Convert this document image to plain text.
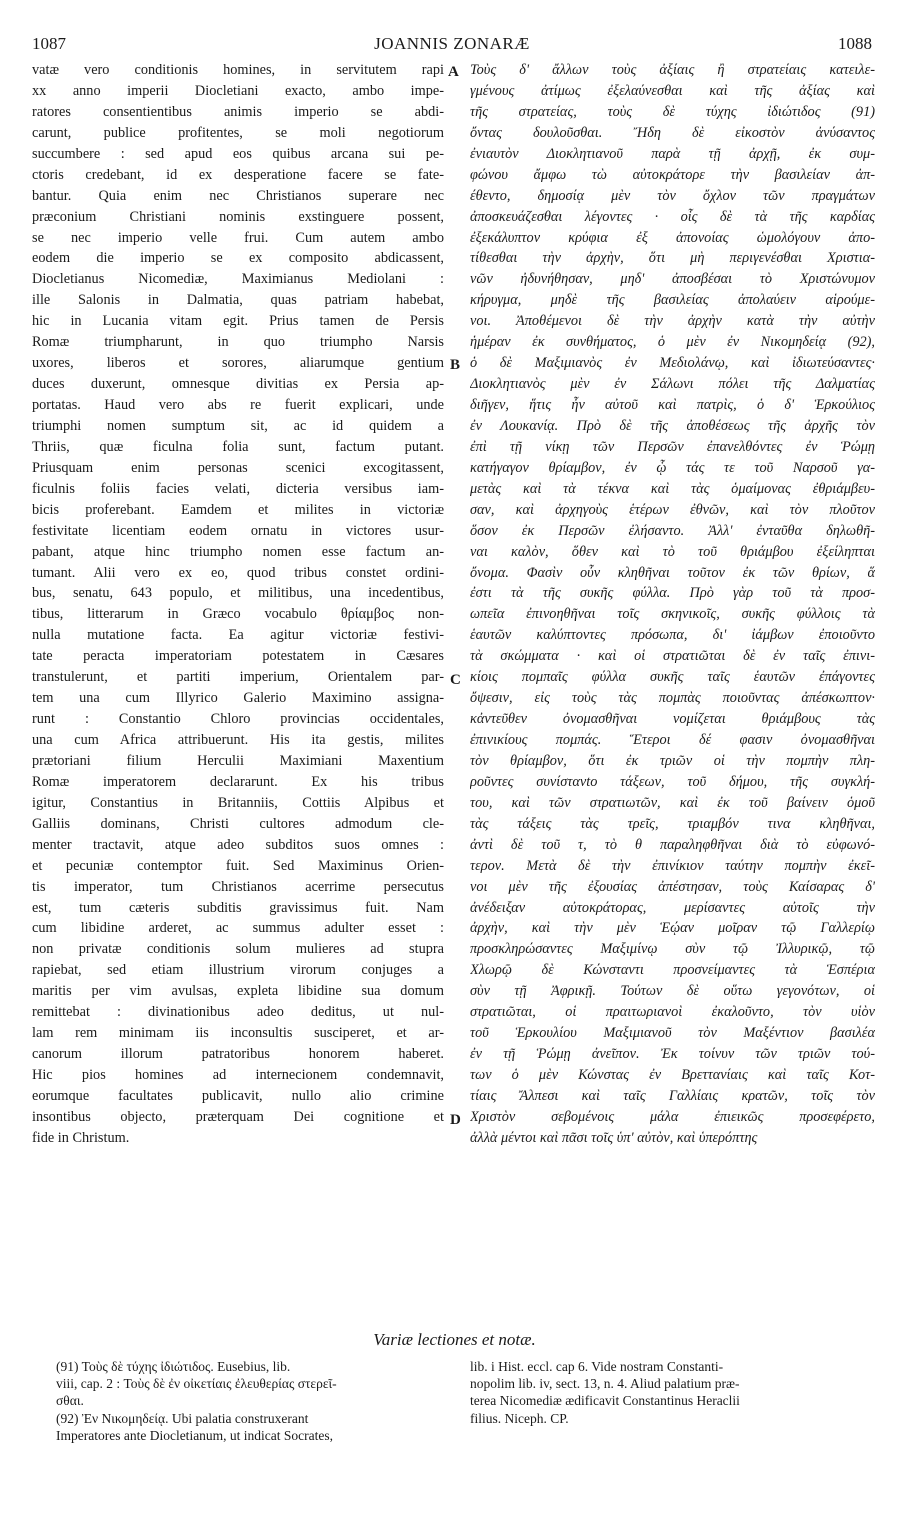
1087	JOANNIS ZONARÆ	1088
vatæ vero conditionis homines, in servitutem rapi
xx anno imperii Diocletiani exacto, ambo impe-
ratores consentientibus animis imperio se abdi-
carunt, publice profitentes, se moli negotiorum
succumbere : sed apud eos quibus arcana sui pe-
ctoris credebant, id ex desperatione facere se fate-
bantur. Quia enim nec Christianos superare nec
præconium Christiani nominis exstinguere possent,
se nec imperio velle frui. Cum autem ambo
eodem die imperio se ex composito abdicassent,
Diocletianus Nicomediæ, Maximianus Mediolani :
ille Salonis in Dalmatia, quas patriam habebat,
hic in Lucania vitam egit. Prius tamen de Persis
Romæ triumpharunt, in quo triumpho Narsis
uxores, liberos et sorores, aliarumque gentium
duces duxerunt, omnesque divitias ex Persia ap-
portatas. Haud vero abs re fuerit explicari, unde
triumphi nomen sumptum sit, ac id quidem a
Thriis, quæ ficulna folia sunt, factum putant.
Priusquam enim personas scenici excogitassent,
ficulnis foliis facies velati, dicteria versibus iam-
bicis proferebant. Eamdem et milites in victoriæ
festivitate licentiam eodem ornatu in victores usur-
pabant, atque hinc triumpho nomen esse factum an-
tumant. Alii vero ex eo, quod tribus constet ordini-
bus, senatu, 643 populo, et militibus, una incedentibus,
tibus, litterarum in Græco vocabulo θρίαμβος non-
nulla mutatione facta. Ea agitur victoriæ festivi-
tate peracta imperatoriam potestatem in Cæsares
transtulerunt, et partiti imperium, Orientalem par-
tem una cum Illyrico Galerio Maximino assigna-
runt : Constantio Chloro provincias occidentales,
una cum Africa attribuerunt. His ita gestis, milites
prætoriani filium Herculii Maximiani Maxentium
Romæ imperatorem declararunt. Ex his tribus
igitur, Constantius in Britanniis, Cottiis Alpibus et
Galliis dominans, Christi cultores admodum cle-
menter tractavit, atque adeo subditos suos omnes :
et pecuniæ contemptor fuit. Sed Maximinus Orien-
tis imperator, tum Christianos acerrime persecutus
est, tum cæteris subditis gravissimus fuit. Nam
cum libidine arderet, ac summus adulter esset :
non privatæ conditionis solum mulieres ad stupra
rapiebat, sed etiam illustrium virorum conjuges a
maritis per vim avulsas, expleta libidine sua domum
remittebat : divinationibus adeo deditus, ut nul-
lam rem minimam iis inconsultis susciperet, et ar-
canorum illorum patratoribus honorem haberet.
Hic pios homines ad internecionem condemnavit,
eorumque facultates publicavit, nullo alio crimine
insontibus objecto, præterquam Dei cognitione et
fide in Christum.
Τοὺς δ' ἄλλων τοὺς ἀξίαις ἢ στρατείαις κατειλε-
γμένους ἀτίμως ἐξελαύνεσθαι καὶ τῆς ἀξίας καὶ
τῆς στρατείας, τοὺς δὲ τύχης ἰδιώτιδος (91)
ὄντας δουλοῦσθαι. Ἤδη δὲ εἰκοστὸν ἀνύσαντος
ἐνιαυτὸν Διοκλητιανοῦ παρὰ τῇ ἀρχῇ, ἐκ συμ-
φώνου ἄμφω τὼ αὐτοκράτορε τὴν βασιλείαν ἀπ-
έθεντο, δημοσίᾳ μὲν τὸν ὄχλον τῶν πραγμάτων
ἀποσκευάζεσθαι λέγοντες · οἷς δὲ τὰ τῆς καρδίας
ἐξεκάλυπτον κρύφια ἐξ ἀπονοίας ὡμολόγουν ἀπο-
τίθεσθαι τὴν ἀρχὴν, ὅτι μὴ περιγενέσθαι Χριστια-
νῶν ἠδυνήθησαν, μηδ' ἀποσβέσαι τὸ Χριστώνυμον
κήρυγμα, μηδὲ τῆς βασιλείας ἀπολαύειν αἱρούμε-
νοι. Ἀποθέμενοι δὲ τὴν ἀρχὴν κατὰ τὴν αὐτὴν
ἡμέραν ἐκ συνθήματος, ὁ μὲν ἐν Νικομηδείᾳ (92),
ὁ δὲ Μαξιμιανὸς ἐν Μεδιολάνῳ, καὶ ἰδιωτεύσαντες·
Διοκλητιανὸς μὲν ἐν Σάλωνι πόλει τῆς Δαλματίας
διῆγεν, ἥτις ἦν αὐτοῦ καὶ πατρὶς, ὁ δ' Ἑρκούλιος
ἐν Λουκανίᾳ. Πρὸ δὲ τῆς ἀποθέσεως τῆς ἀρχῆς τὸν
ἐπὶ τῇ νίκῃ τῶν Περσῶν ἐπανελθόντες ἐν Ῥώμῃ
κατήγαγον θρίαμβον, ἐν ᾧ τάς τε τοῦ Ναρσοῦ γα-
μετὰς καὶ τὰ τέκνα καὶ τὰς ὁμαίμονας ἐθριάμβευ-
σαν, καὶ ἀρχηγοὺς ἑτέρων ἐθνῶν, καὶ τὸν πλοῦτον
ὅσον ἐκ Περσῶν ἐλήσαντο. Ἀλλ' ἐνταῦθα δηλωθῆ-
ναι καλὸν, ὅθεν καὶ τὸ τοῦ θριάμβου ἐξείληπται
ὄνομα. Φασὶν οὖν κληθῆναι τοῦτον ἐκ τῶν θρίων, ἅ
ἐστι τὰ τῆς συκῆς φύλλα. Πρὸ γὰρ τοῦ τὰ προσ-
ωπεῖα ἐπινοηθῆναι τοῖς σκηνικοῖς, συκῆς φύλλοις τὰ
ἑαυτῶν καλύπτοντες πρόσωπα, δι' ἰάμβων ἐποιοῦντο
τὰ σκώμματα · καὶ οἱ στρατιῶται δὲ ἐν ταῖς ἐπινι-
κίοις πομπαῖς φύλλα συκῆς ταῖς ἑαυτῶν ἐπάγοντες
ὄψεσιν, εἰς τοὺς τὰς πομπὰς ποιοῦντας ἀπέσκωπτον·
κἀντεῦθεν ὀνομασθῆναι νομίζεται θριάμβους τὰς
ἐπινικίους πομπάς. Ἕτεροι δέ φασιν ὀνομασθῆναι
τὸν θρίαμβον, ὅτι ἐκ τριῶν οἱ τὴν πομπὴν πλη-
ροῦντες συνίστανto τάξεων, τοῦ δήμου, τῆς συγκλή-
του, καὶ τῶν στρατιωτῶν, καὶ ἐκ τοῦ βαίνειν ὁμοῦ
τὰς τάξεις τὰς τρεῖς, τριαμβόν τινα κληθῆναι,
ἀντὶ δὲ τοῦ τ, τὸ θ παραληφθῆναι διὰ τὸ εὐφωνό-
τερον. Μετὰ δὲ τὴν ἐπινίκιον ταύτην πομπὴν ἐκεῖ-
νοι μὲν τῆς ἐξουσίας ἀπέστησαν, τοὺς Καίσαρας δ'
ἀνέδειξαν αὐτοκράτορας, μερίσαντες αὐτοῖς τὴν
ἀρχὴν, καὶ τὴν μὲν Ἑῴαν μοῖραν τῷ Γαλλερίῳ
προσκληρώσαντες Μαξιμίνῳ σὺν τῷ Ἰλλυρικῷ, τῷ
Χλωρῷ δὲ Κώνσταντι προσνείμαντες τὰ Ἑσπέρια
σὺν τῇ Ἀφρικῇ. Τούτων δὲ οὕτω γεγονότων, οἱ
στρατιῶται, οἱ πραιτωριανοὶ ἐκαλοῦντο, τὸν υἱὸν
τοῦ Ἑρκουλίου Μαξιμιανοῦ τὸν Μαξέντιον βασιλέα
ἐν τῇ Ῥώμῃ ἀνεῖπον. Ἐκ τοίνυν τῶν τριῶν τού-
των ὁ μὲν Κώνστας ἐν Βρεττανίαις καὶ ταῖς Κοτ-
τίαις Ἄλπεσι καὶ ταῖς Γαλλίαις κρατῶν, τοῖς τὸν
Χριστὸν σεβομένοις μάλα ἐπιεικῶς προσεφέρετο,
ἀλλὰ μέντοι καὶ πᾶσι τοῖς ὑπ' αὐτὸν, καὶ ὑπερόπτης
A
B
C
D
Variæ lectiones et notæ.
(91) Τοὺς δὲ τύχης ἰδιώτιδος. Eusebius, lib.
viii, cap. 2 : Τοὺς δὲ ἐν οἰκετίαις ἐλευθερίας στερεῖ-
σθαι.
(92) Ἐν Νικομηδείᾳ. Ubi palatia construxerant
Imperatores ante Diocletianum, ut indicat Socrates,
lib. i Hist. eccl. cap 6. Vide nostram Constanti-
nopolim lib. iv, sect. 13, n. 4. Aliud palatium præ-
terea Nicomediæ ædificavit Constantinus Heraclii
filius. Niceph. CP.
